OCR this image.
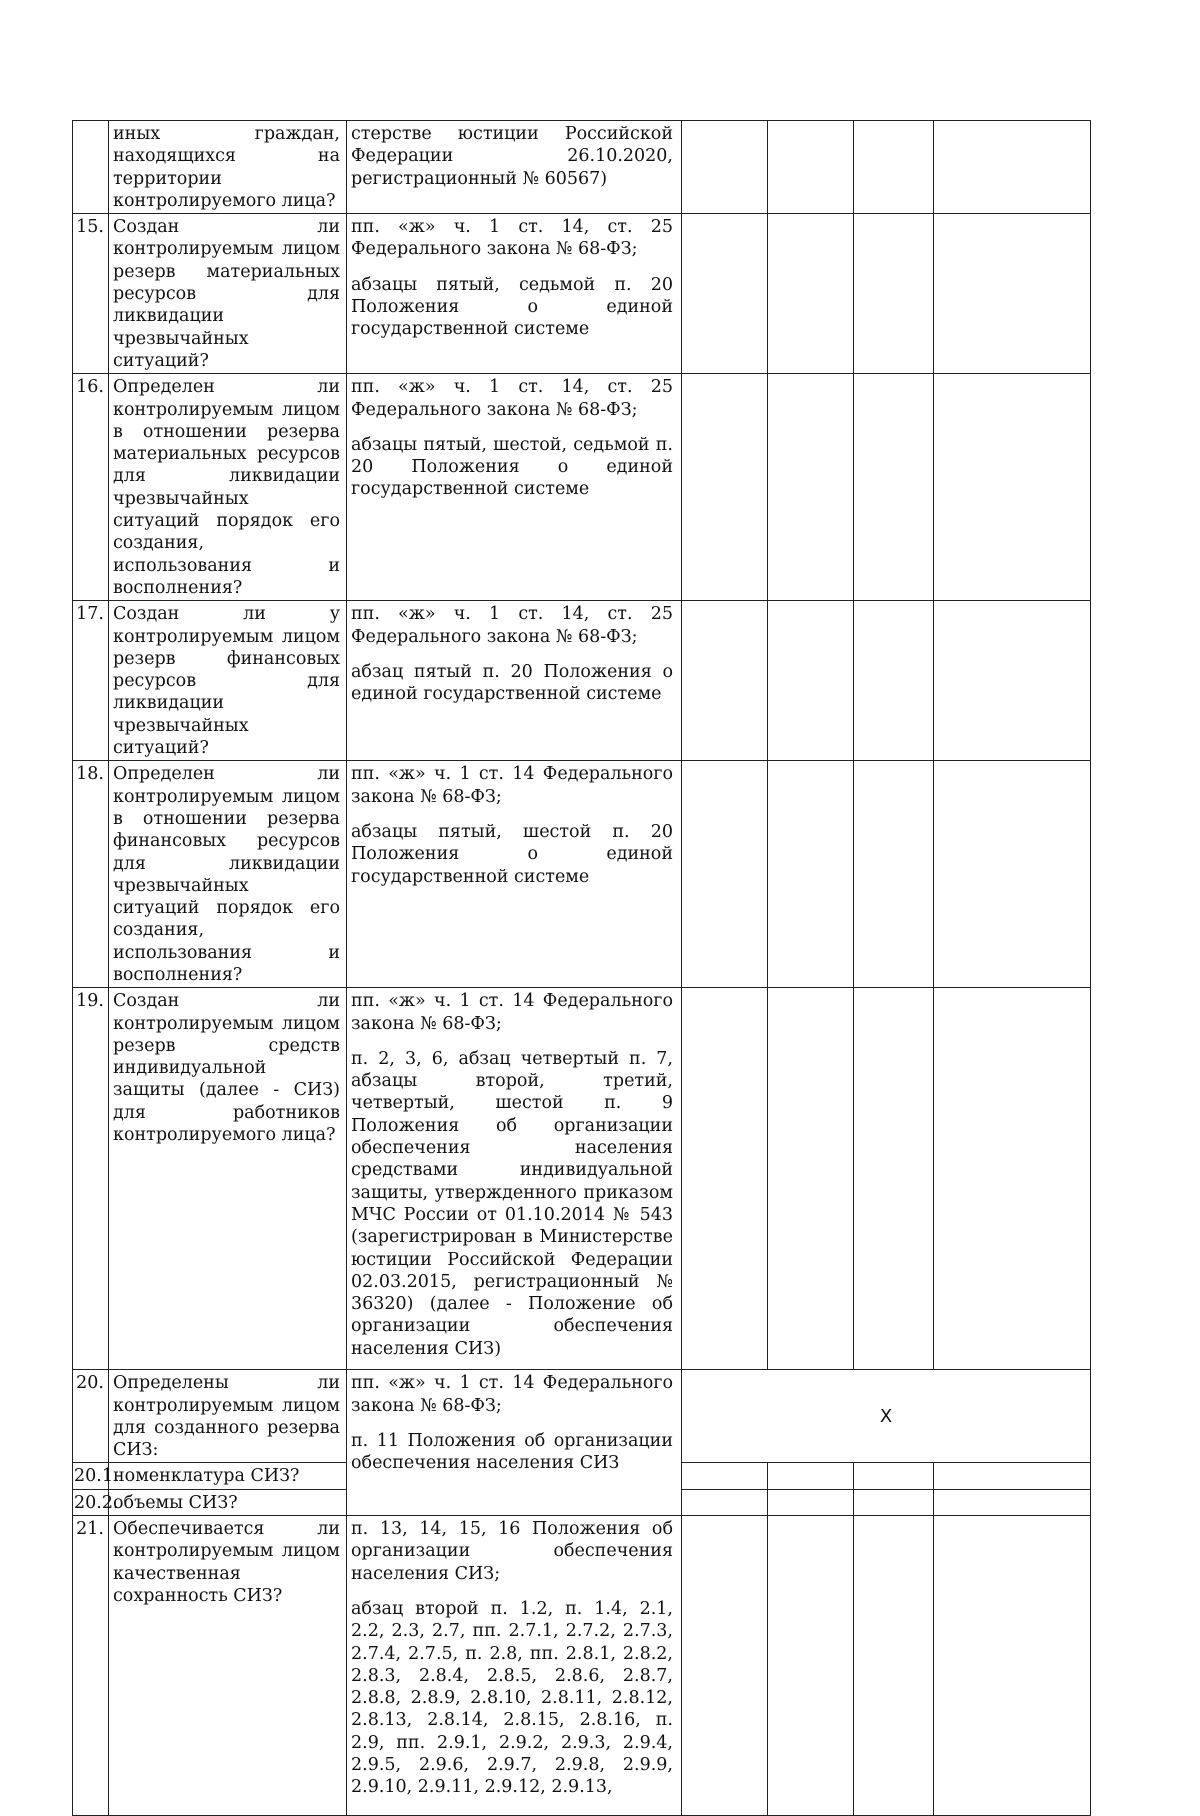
	иных граждан, находящихся на территории контролируемого лица?	стерстве юстиции Российской Федерации 26.10.2020, регистрационный № 60567)				

15.	Создан ли контролируемым лицом резерв материальных ресурсов для ликвидации чрезвычайных ситуаций?	пп. «ж» ч. 1 ст. 14, ст. 25 Федерального закона № 68-ФЗ;

абзацы пятый, седьмой п. 20 Положения о единой государственной системе				

16.	Определен ли контролируемым лицом в отношении резерва материальных ресурсов для ликвидации чрезвычайных ситуаций порядок его создания, использования и восполнения?	пп. «ж» ч. 1 ст. 14, ст. 25 Федерального закона № 68-ФЗ;

абзацы пятый, шестой, седьмой п. 20 Положения о единой государственной системе				

17.	Создан ли у контролируемым лицом резерв финансовых ресурсов для ликвидации чрезвычайных ситуаций?	пп. «ж» ч. 1 ст. 14, ст. 25 Федерального закона № 68-ФЗ;

абзац пятый п. 20 Положения о единой государственной системе				

18.	Определен ли контролируемым лицом в отношении резерва финансовых ресурсов для ликвидации чрезвычайных ситуаций порядок его создания, использования и восполнения?	пп. «ж» ч. 1 ст. 14 Федерального закона № 68-ФЗ;

абзацы пятый, шестой п. 20 Положения о единой государственной системе				

19.	Создан ли контролируемым лицом резерв средств индивидуальной защиты (далее - СИЗ) для работников контролируемого лица?	пп. «ж» ч. 1 ст. 14 Федерального закона № 68-ФЗ;

п. 2, 3, 6, абзац четвертый п. 7, абзацы второй, третий, четвертый, шестой п. 9 Положения об организации обеспечения населения средствами индивидуальной защиты, утвержденного приказом МЧС России от 01.10.2014 № 543 (зарегистрирован в Министерстве юстиции Российской Федерации 02.03.2015, регистрационный № 36320) (далее - Положение об организации обеспечения населения СИЗ)				

20.	Определены ли контролируемым лицом для созданного резерва СИЗ:	пп. «ж» ч. 1 ст. 14 Федерального закона № 68-ФЗ;

п. 11 Положения об организации обеспечения населения СИЗ	X			
20.1.	номенклатура СИЗ?					
20.2.	объемы СИЗ?					
21.	Обеспечивается ли контролируемым лицом качественная сохранность СИЗ?	п. 13, 14, 15, 16 Положения об организации обеспечения населения СИЗ;

абзац второй п. 1.2, п. 1.4, 2.1, 2.2, 2.3, 2.7, пп. 2.7.1, 2.7.2, 2.7.3, 2.7.4, 2.7.5, п. 2.8, пп. 2.8.1, 2.8.2, 2.8.3, 2.8.4, 2.8.5, 2.8.6, 2.8.7, 2.8.8, 2.8.9, 2.8.10, 2.8.11, 2.8.12, 2.8.13, 2.8.14, 2.8.15, 2.8.16, п. 2.9, пп. 2.9.1, 2.9.2, 2.9.3, 2.9.4, 2.9.5, 2.9.6, 2.9.7, 2.9.8, 2.9.9, 2.9.10, 2.9.11, 2.9.12, 2.9.13,				
